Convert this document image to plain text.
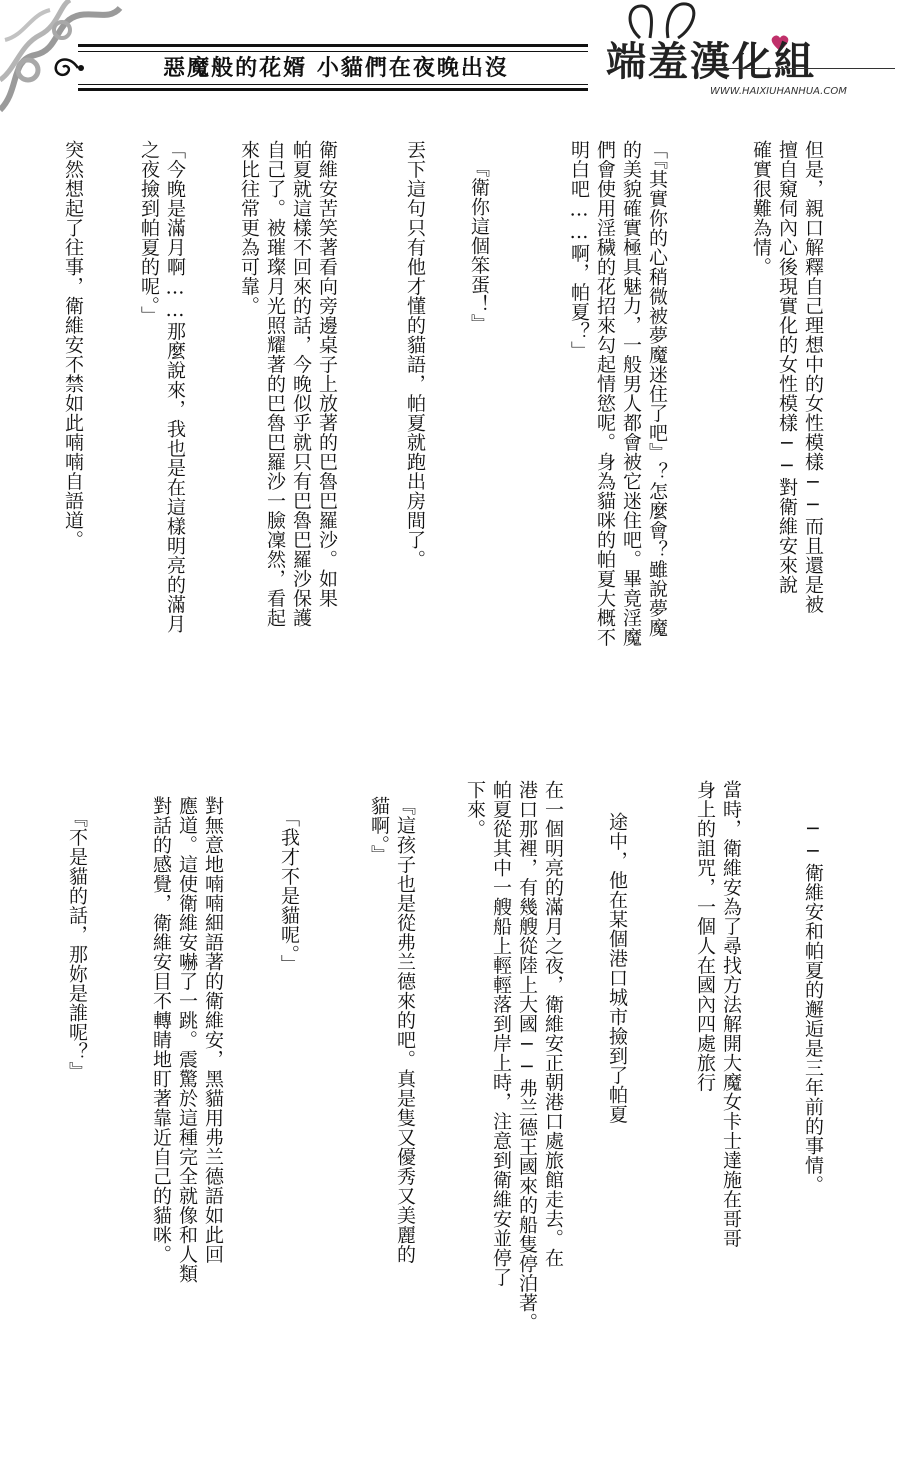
惡魔般的花婿 小貓們在夜晚出沒	端羞漢化組
WWW.HAIXIUHANHUA.COM
但是，親口解釋自己理想中的女性模樣──而且還是被
擅自窺伺內心後現實化的女性模樣──對衛維安來說
確實很難為情。
「『其實你的心稍微被夢魔迷住了吧』？怎麼會？雖說夢魔
的美貌確實極具魅力，一般男人都會被它迷住吧。畢竟淫魔
們會使用淫穢的花招來勾起情慾呢。身為貓咪的帕夏大概不
明白吧……啊，帕夏？」
『衛你這個笨蛋！』
丟下這句只有他才懂的貓語，帕夏就跑出房間了。
衛維安苦笑著看向旁邊桌子上放著的巴魯巴羅沙。如果
帕夏就這樣不回來的話，今晚似乎就只有巴魯巴羅沙保護
自己了。被璀璨月光照耀著的巴魯巴羅沙一臉凜然，看起
來比往常更為可靠。
「今晚是滿月啊……那麼說來，我也是在這樣明亮的滿月
之夜撿到帕夏的呢。」
突然想起了往事，衛維安不禁如此喃喃自語道。
──衛維安和帕夏的邂逅是三年前的事情。
當時，衛維安為了尋找方法解開大魔女卡士達施在哥哥
身上的詛咒，一個人在國內四處旅行
途中，他在某個港口城市撿到了帕夏
在一個明亮的滿月之夜，衛維安正朝港口處旅館走去。在
港口那裡，有幾艘從陸上大國──弗兰德王國來的船隻停泊著。
帕夏從其中一艘船上輕輕落到岸上時，注意到衛維安並停了
下來。
『這孩子也是從弗兰德來的吧。真是隻又優秀又美麗的
貓啊。』
「我才不是貓呢。」
對無意地喃喃細語著的衛維安，黑貓用弗兰德語如此回
應道。這使衛維安嚇了一跳。震驚於這種完全就像和人類
對話的感覺，衛維安目不轉睛地盯著靠近自己的貓咪。
『不是貓的話，那妳是誰呢？』
